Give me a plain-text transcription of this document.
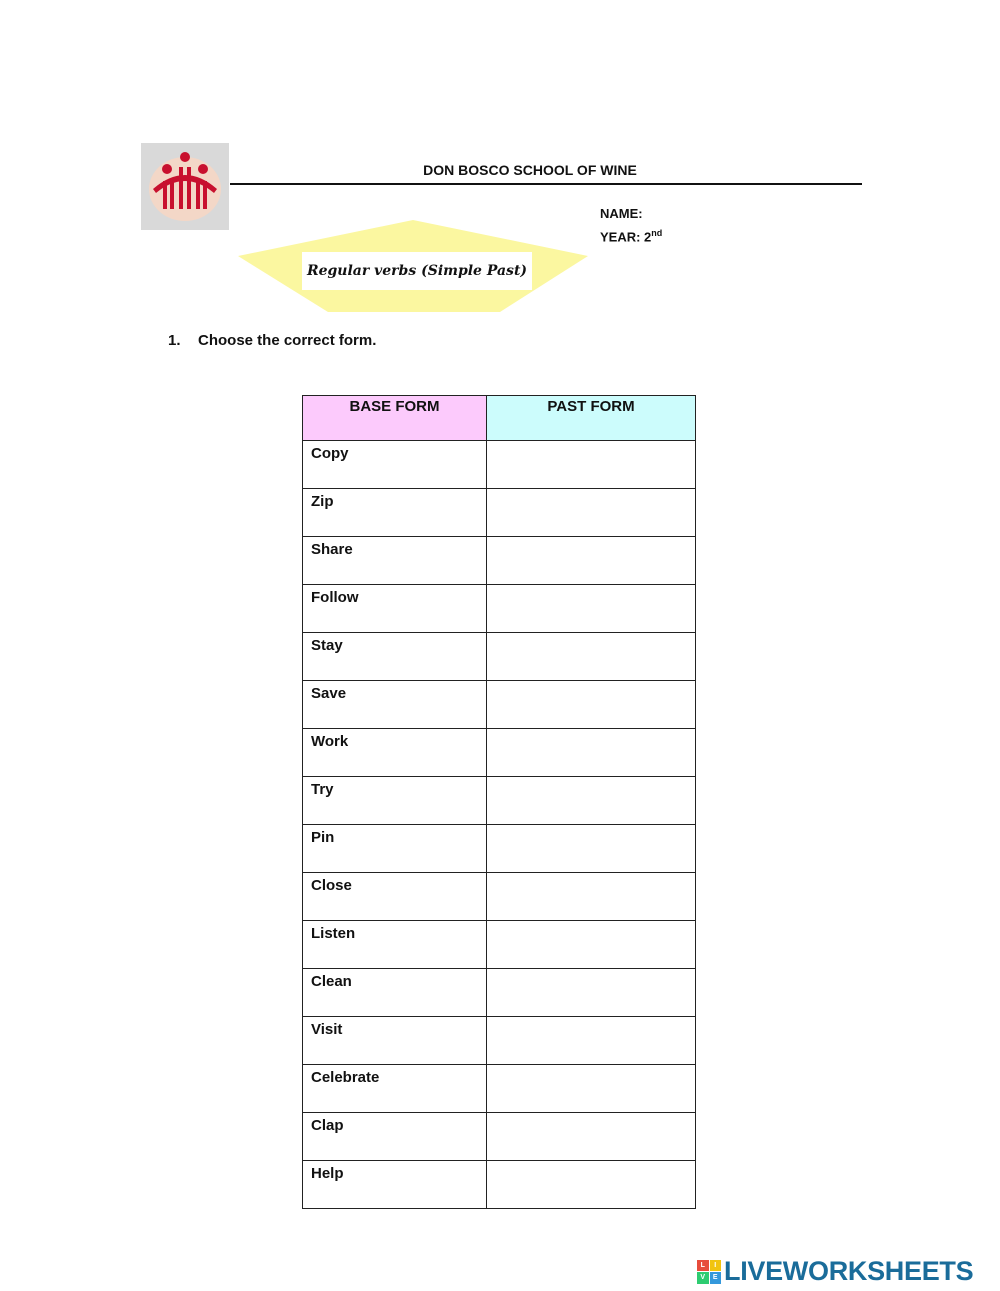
DON BOSCO SCHOOL OF WINE
NAME:
YEAR: 2nd
Regular verbs (Simple Past)
1. Choose the correct form.
BASE FORM	PAST FORM
Copy	
Zip	
Share	
Follow	
Stay	
Save	
Work	
Try	
Pin	
Close	
Listen	
Clean	
Visit	
Celebrate	
Clap	
Help	
L	I
V	E LIVEWORKSHEETS
